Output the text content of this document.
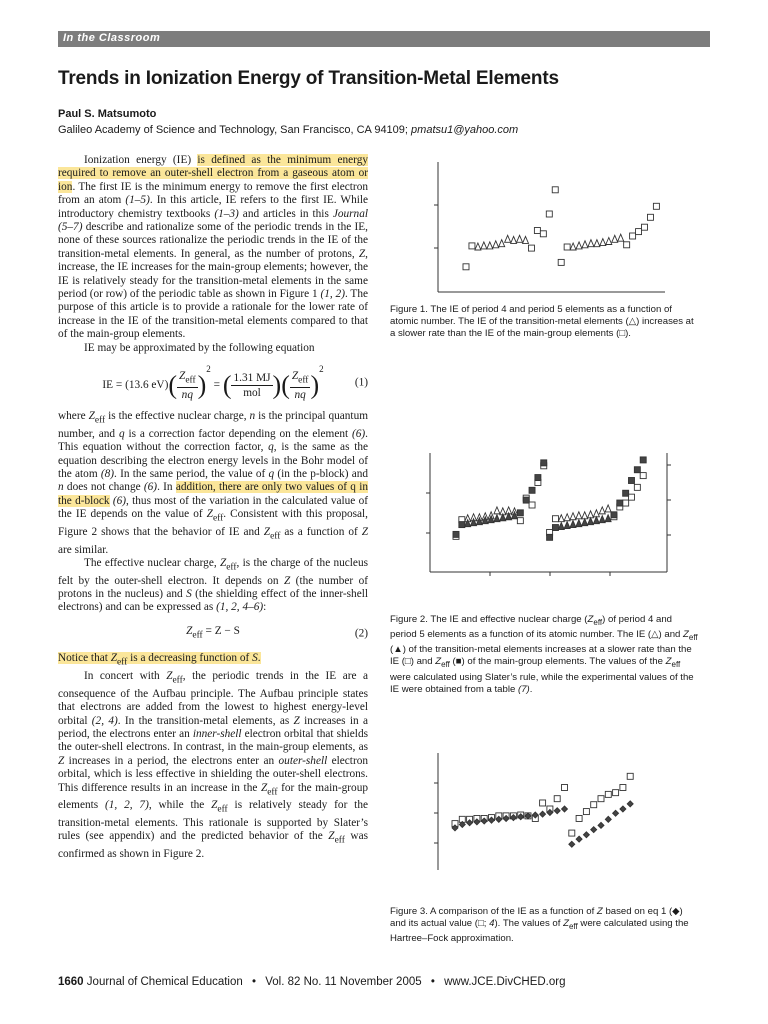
In the Classroom
Trends in Ionization Energy of Transition-Metal Elements
Paul S. Matsumoto
Galileo Academy of Science and Technology, San Francisco, CA 94109; pmatsu1@yahoo.com

Ionization energy (IE) is defined as the minimum energy required to remove an outer-shell electron from a gaseous atom or ion. The first IE is the minimum energy to remove the first electron from an atom (1–5). In this article, IE refers to the first IE. While introductory chemistry textbooks (1–3) and articles in this Journal (5–7) describe and rationalize some of the periodic trends in the IE, none of these sources rationalize the periodic trends in the IE of the transition-metal elements. In general, as the number of protons, Z, increase, the IE increases for the main-group elements; however, the IE is relatively steady for the transition-metal elements in the same period (or row) of the periodic table as shown in Figure 1 (1, 2). The purpose of this article is to provide a rationale for the lower rate of increase in the IE of the transition-metal elements compared to that of the main-group elements.

IE may be approximated by the following equation

IE = (13.6 $eV)( \frac{Z_{eff}}{nq} )^2$ = ( $\frac{1.31 MJ}{\text{mol}}$ )( $\frac{Z_{eff}}{nq} )^2$
(1)

where $Z_{eff}$ is the effective nuclear charge, n is the principal quantum number, and q is a correction factor depending on the element (6). This equation without the correction factor, q, is the same as the equation describing the electron energy levels in the Bohr model of the atom (8). In the same period, the value of q (in the p-block) and n does not change (6). In addition, there are only two values of q in the d-block (6), thus most of the variation in the calculated value of the IE depends on the value of $Z_{eff}$. Consistent with this proposal, Figure 2 shows that the behavior of IE and $Z_{eff}$ as a function of Z are similar.

The effective nuclear charge, $Z_{eff}$, is the charge of the nucleus felt by the outer-shell electron. It depends on Z (the number of protons in the nucleus) and S (the shielding effect of the inner-shell electrons) and can be expressed as (1, 2, 4–6):

$Z_{eff} = Z - S$	(2)

Notice that $Z_{eff}$ is a decreasing function of S.

In concert with $Z_{eff}$, the periodic trends in the IE are a consequence of the Aufbau principle. The Aufbau principle states that electrons are added from the lowest to highest energy-level orbital (2, 4). In the transition-metal elements, as Z increases in a period, the electrons enter an inner-shell electron orbital that shields the outer-shell electrons. In contrast, in the main-group elements, as Z increases in a period, the electrons enter an outer-shell electron orbital, which is less effective in shielding the outer-shell electrons. This difference results in an increase in the $Z_{eff}$ for the main-group elements (1, 2, 7), while the $Z_{eff}$ is relatively steady for the transition-metal elements. This rationale is supported by Slater’s rules (see appendix) and the predicted behavior of the $Z_{eff}$ was confirmed as shown in Figure 2.

Figure 1. The IE of period 4 and period 5 elements as a function of atomic number. The IE of the transition-metal elements (△) increases at a slower rate than the IE of the main-group elements (□).
Figure 2. The IE and effective nuclear charge $(Z_{eff})$ of period 4 and period 5 elements as a function of its atomic number. The IE (△) and $Z_{eff}$ (▲) of the transition-metal elements increases at a slower rate than the IE (□) and $Z_{eff}$ (■) of the main-group elements. The values of the $Z_{eff}$ were calculated using Slater’s rule, while the experimental values of the IE were obtained from a table (7).
Figure 3. A comparison of the IE as a function of Z based on eq 1 (◆) and its actual value (□; 4). The values of $Z_{eff}$ were calculated using the Hartree–Fock approximation.
1660 Journal of Chemical Education • Vol. 82 No. 11 November 2005 • www.JCE.DivCHED.org
